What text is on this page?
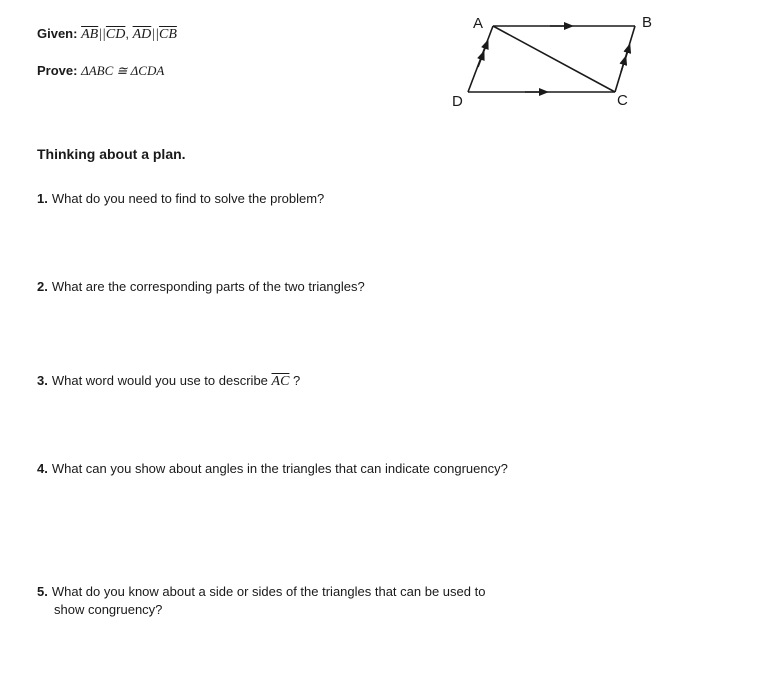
Given: $\overline{AB}||\overline{CD}$, $\overline{AD}||\overline{CB}$
Prove: ΔABC ≅ ΔCDA
A	B
C
D
Thinking about a plan.
1. What do you need to find to solve the problem?
2. What are the corresponding parts of the two triangles?
3. What word would you use to describe $\overline{AC}$ ?
4. What can you show about angles in the triangles that can indicate congruency?
5. What do you know about a side or sides of the triangles that can be used to
show congruency?
